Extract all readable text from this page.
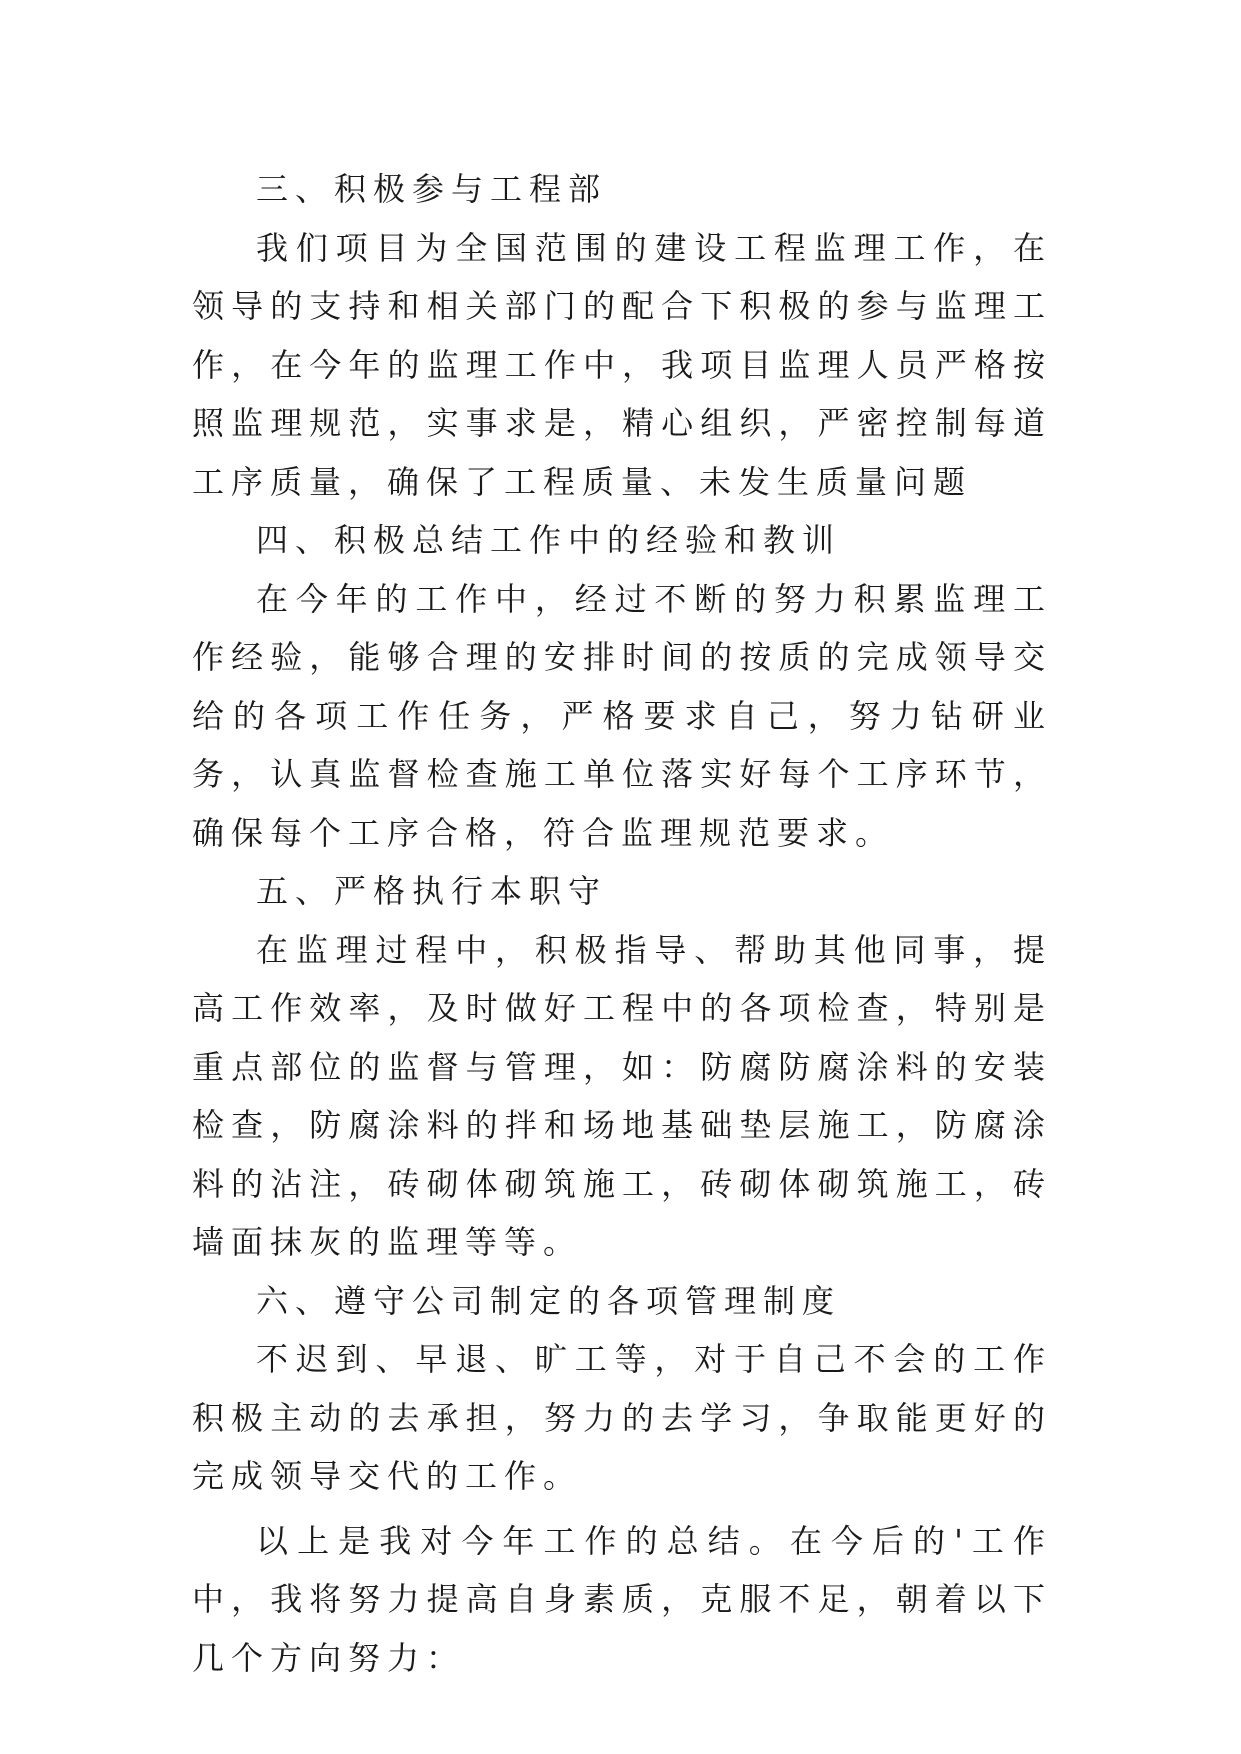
三、积极参与工程部

我们项目为全国范围的建设工程监理工作，在领导的支持和相关部门的配合下积极的参与监理工作，在今年的监理工作中，我项目监理人员严格按照监理规范，实事求是，精心组织，严密控制每道工序质量，确保了工程质量、未发生质量问题

四、积极总结工作中的经验和教训

在今年的工作中，经过不断的努力积累监理工作经验，能够合理的安排时间的按质的完成领导交给的各项工作任务，严格要求自己，努力钻研业务，认真监督检查施工单位落实好每个工序环节，确保每个工序合格，符合监理规范要求。

五、严格执行本职守

在监理过程中，积极指导、帮助其他同事，提高工作效率，及时做好工程中的各项检查，特别是重点部位的监督与管理，如：防腐防腐涂料的安装检查，防腐涂料的拌和场地基础垫层施工，防腐涂料的沾注，砖砌体砌筑施工，砖砌体砌筑施工，砖墙面抹灰的监理等等。

六、遵守公司制定的各项管理制度

不迟到、早退、旷工等，对于自己不会的工作积极主动的去承担，努力的去学习，争取能更好的完成领导交代的工作。

以上是我对今年工作的总结。在今后的'工作中，我将努力提高自身素质，克服不足，朝着以下几个方向努力：
